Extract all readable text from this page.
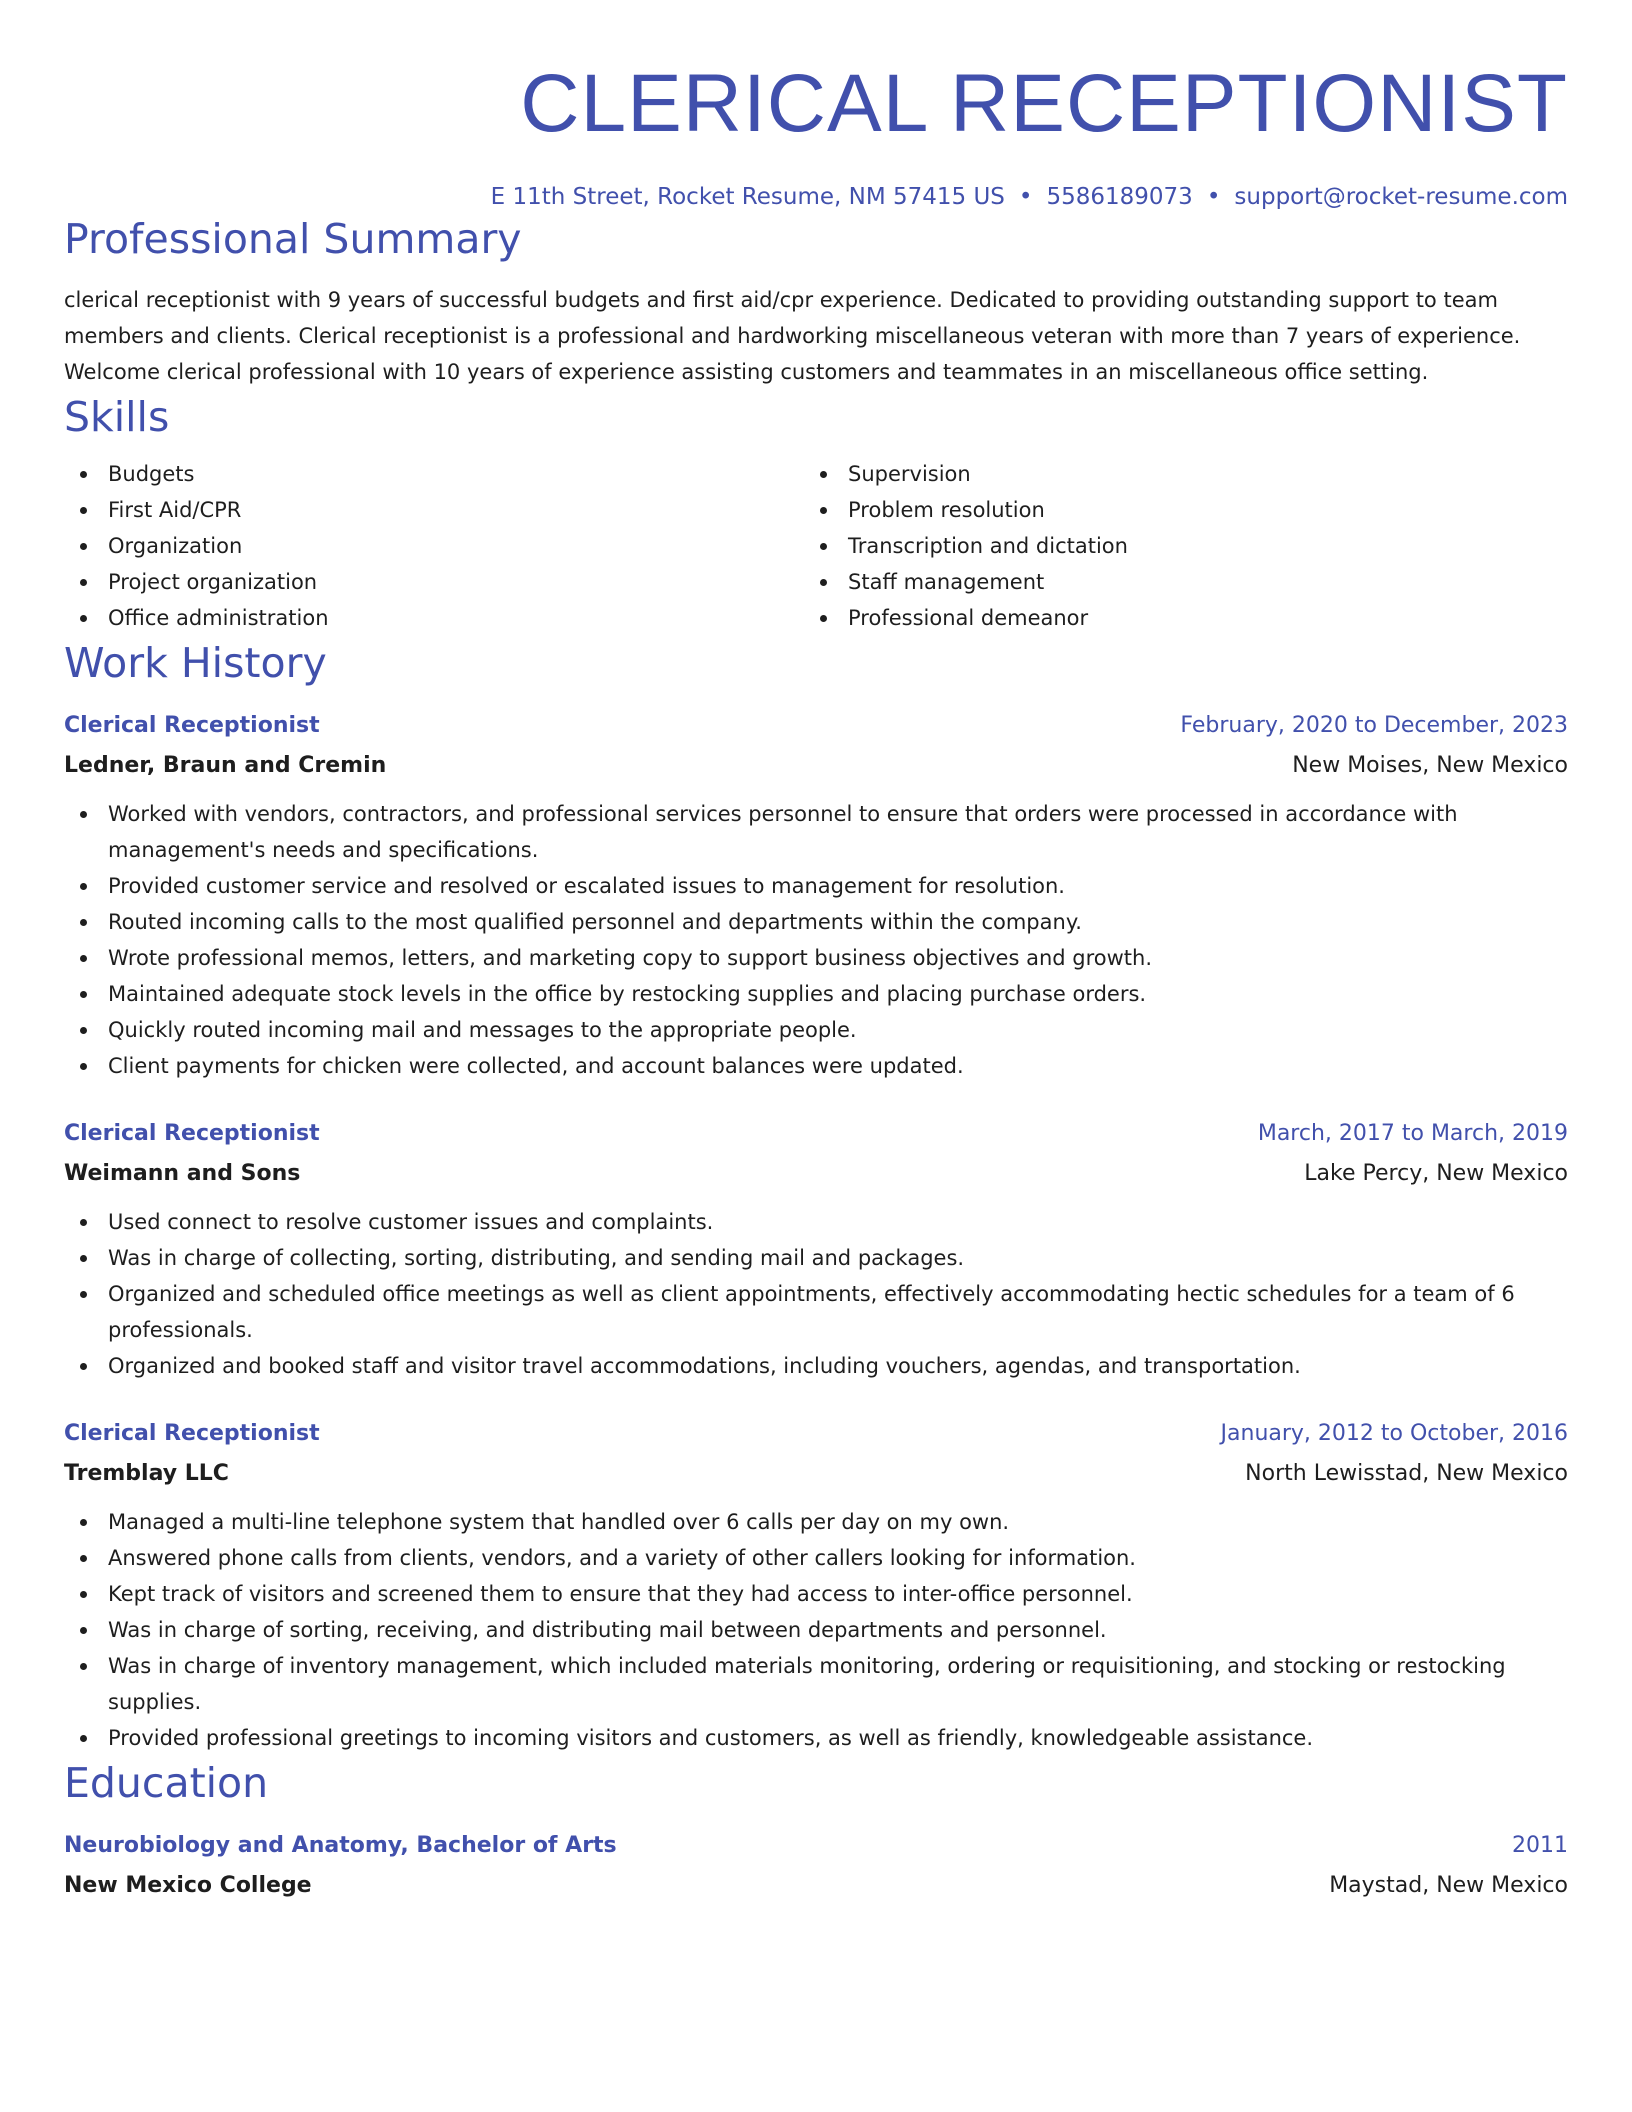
CLERICAL RECEPTIONIST
E 11th Street, Rocket Resume, NM 57415 US • 5586189073 • support@rocket-resume.com
Professional Summary
clerical receptionist with 9 years of successful budgets and first aid/cpr experience. Dedicated to providing outstanding support to team members and clients. Clerical receptionist is a professional and hardworking miscellaneous veteran with more than 7 years of experience. Welcome clerical professional with 10 years of experience assisting customers and teammates in an miscellaneous office setting.
Skills
Budgets
First Aid/CPR
Organization
Project organization
Office administration
Supervision
Problem resolution
Transcription and dictation
Staff management
Professional demeanor
Work History
Clerical Receptionist	February, 2020 to December, 2023
Ledner, Braun and Cremin	New Moises, New Mexico
Worked with vendors, contractors, and professional services personnel to ensure that orders were processed in accordance with management's needs and specifications.
Provided customer service and resolved or escalated issues to management for resolution.
Routed incoming calls to the most qualified personnel and departments within the company.
Wrote professional memos, letters, and marketing copy to support business objectives and growth.
Maintained adequate stock levels in the office by restocking supplies and placing purchase orders.
Quickly routed incoming mail and messages to the appropriate people.
Client payments for chicken were collected, and account balances were updated.
Clerical Receptionist	March, 2017 to March, 2019
Weimann and Sons	Lake Percy, New Mexico
Used connect to resolve customer issues and complaints.
Was in charge of collecting, sorting, distributing, and sending mail and packages.
Organized and scheduled office meetings as well as client appointments, effectively accommodating hectic schedules for a team of 6 professionals.
Organized and booked staff and visitor travel accommodations, including vouchers, agendas, and transportation.
Clerical Receptionist	January, 2012 to October, 2016
Tremblay LLC	North Lewisstad, New Mexico
Managed a multi-line telephone system that handled over 6 calls per day on my own.
Answered phone calls from clients, vendors, and a variety of other callers looking for information.
Kept track of visitors and screened them to ensure that they had access to inter-office personnel.
Was in charge of sorting, receiving, and distributing mail between departments and personnel.
Was in charge of inventory management, which included materials monitoring, ordering or requisitioning, and stocking or restocking supplies.
Provided professional greetings to incoming visitors and customers, as well as friendly, knowledgeable assistance.
Education
Neurobiology and Anatomy, Bachelor of Arts	2011
New Mexico College	Maystad, New Mexico
